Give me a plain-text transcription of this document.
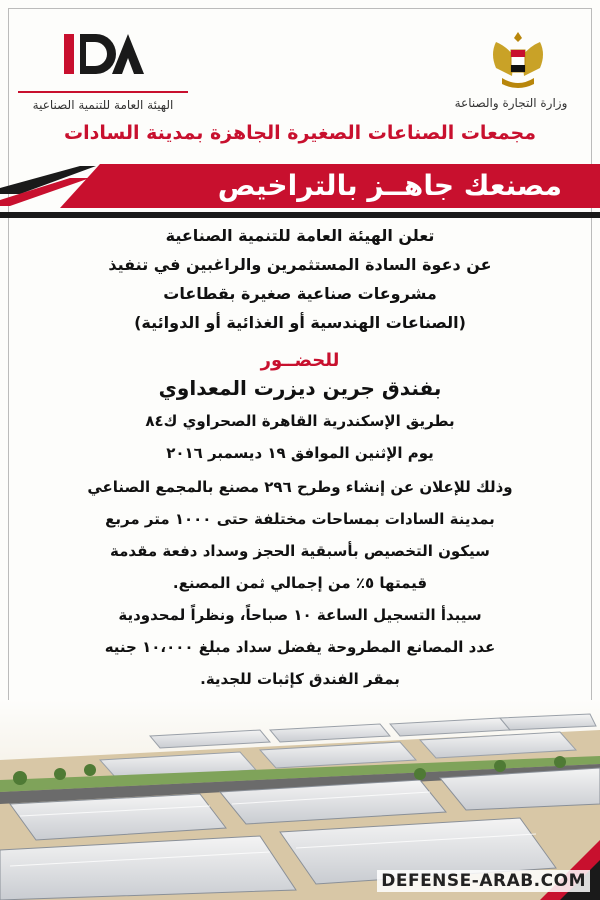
الهيئة العامة للتنمية الصناعية	وزارة التجارة والصناعة
مجمعات الصناعات الصغيرة الجاهزة بمدينة السادات
مصنعك جاهــز بالتراخيص
تعلن الهيئة العامة للتنمية الصناعية
عن دعوة السادة المستثمرين والراغبين في تنفيذ
مشروعات صناعية صغيرة بقطاعات
(الصناعات الهندسية أو الغذائية أو الدوائية)
للحضــور
بفندق جرين ديزرت المعداوي
بطريق الإسكندرية القاهرة الصحراوي ك٨٤
يوم الإثنين الموافق ١٩ ديسمبر ٢٠١٦
وذلك للإعلان عن إنشاء وطرح ٢٩٦ مصنع بالمجمع الصناعي
بمدينة السادات بمساحات مختلفة حتى ١٠٠٠ متر مربع
سيكون التخصيص بأسبقية الحجز وسداد دفعة مقدمة
قيمتها ٥٪ من إجمالي ثمن المصنع.
سيبدأ التسجيل الساعة ١٠ صباحاً، ونظراً لمحدودية
عدد المصانع المطروحة يفضل سداد مبلغ ١٠،٠٠٠ جنيه
بمقر الفندق كإثبات للجدية.
DEFENSE-ARAB.COM
